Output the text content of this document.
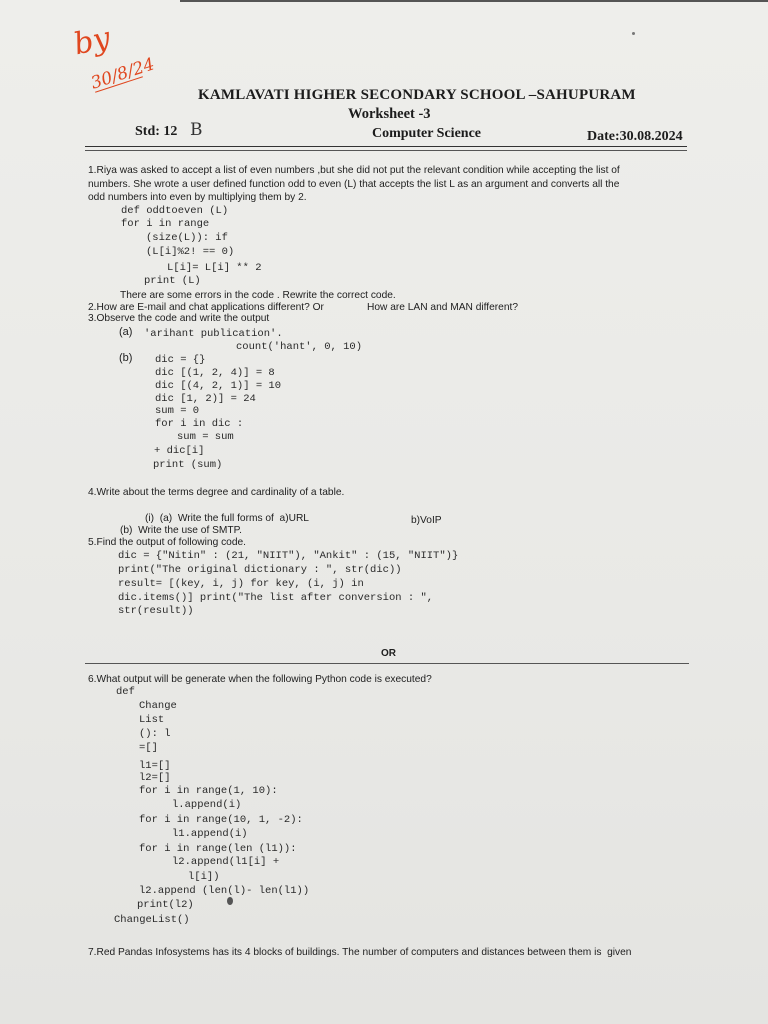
by
30/8/24
KAMLAVATI HIGHER SECONDARY SCHOOL –SAHUPURAM
Worksheet -3
Std: 12 B	Computer Science	Date:30.08.2024
1.Riya was asked to accept a list of even numbers ,but she did not put the relevant condition while accepting the list of
numbers. She wrote a user defined function odd to even (L) that accepts the list L as an argument and converts all the
odd numbers into even by multiplying them by 2.
def oddtoeven (L)
for i in range
(size(L)): if
(L[i]%2! == 0)
L[i]= L[i] ** 2
print (L)
There are some errors in the code . Rewrite the correct code.
2.How are E-mail and chat applications different? Or	How are LAN and MAN different?
3.Observe the code and write the output
(a) 'arihant publication'.
count('hant', 0, 10)
(b) dic = {}
dic [(1, 2, 4)] = 8
dic [(4, 2, 1)] = 10
dic [1, 2)] = 24
sum = 0
for i in dic :
sum = sum
+ dic[i]
print (sum)
4.Write about the terms degree and cardinality of a table.
(i)  (a)  Write the full forms of  a)URL	b)VoIP
(b)  Write the use of SMTP.
5.Find the output of following code.
dic = {"Nitin" : (21, "NIIT"), "Ankit" : (15, "NIIT")}
print("The original dictionary : ", str(dic))
result= [(key, i, j) for key, (i, j) in
dic.items()] print("The list after conversion : ",
str(result))
OR
6.What output will be generate when the following Python code is executed?
def
Change
List
(): l
=[]
l1=[]
l2=[]
for i in range(1, 10):
l.append(i)
for i in range(10, 1, -2):
l1.append(i)
for i in range(len (l1)):
l2.append(l1[i] +
l[i])
l2.append (len(l)- len(l1))
print(l2)
ChangeList()
7.Red Pandas Infosystems has its 4 blocks of buildings. The number of computers and distances between them is  given
